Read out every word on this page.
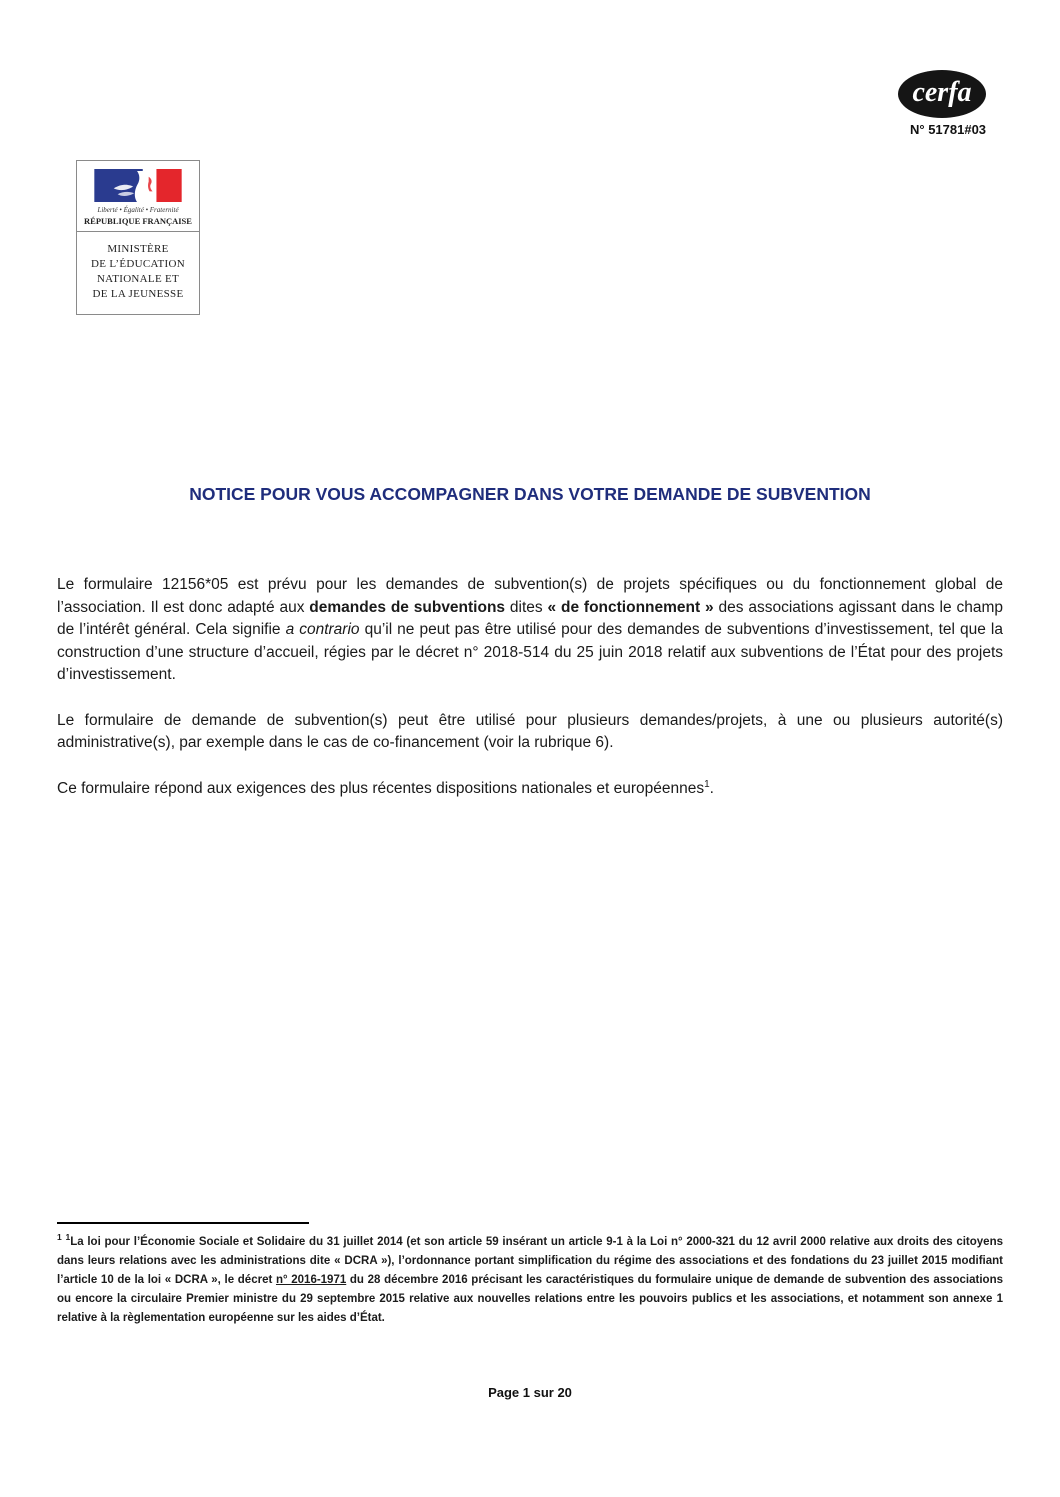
cerfa
N° 51781#03
Liberté • Égalité • Fraternité
RÉPUBLIQUE FRANÇAISE
MINISTÈRE
DE L’ÉDUCATION
NATIONALE ET
DE LA JEUNESSE
NOTICE POUR VOUS ACCOMPAGNER DANS VOTRE DEMANDE DE SUBVENTION

Le formulaire 12156*05 est prévu pour les demandes de subvention(s) de projets spécifiques ou du fonctionnement global de l’association. Il est donc adapté aux demandes de subventions dites « de fonctionnement » des associations agissant dans le champ de l’intérêt général. Cela signifie a contrario qu’il ne peut pas être utilisé pour des demandes de subventions d’investissement, tel que la construction d’une structure d’accueil, régies par le décret n° 2018-514 du 25 juin 2018 relatif aux subventions de l’État pour des projets d’investissement.

Le formulaire de demande de subvention(s) peut être utilisé pour plusieurs demandes/projets, à une ou plusieurs autorité(s) administrative(s), par exemple dans le cas de co-financement (voir la rubrique 6).

Ce formulaire répond aux exigences des plus récentes dispositions nationales et européennes$^1$.

$^1$ $^1$La loi pour l’Économie Sociale et Solidaire du 31 juillet 2014 (et son article 59 insérant un article 9-1 à la Loi n° 2000-321 du 12 avril 2000 relative aux droits des citoyens dans leurs relations avec les administrations dite « DCRA »), l’ordonnance portant simplification du régime des associations et des fondations du 23 juillet 2015 modifiant l’article 10 de la loi « DCRA », le décret n° 2016-1971 du 28 décembre 2016 précisant les caractéristiques du formulaire unique de demande de subvention des associations ou encore la circulaire Premier ministre du 29 septembre 2015 relative aux nouvelles relations entre les pouvoirs publics et les associations, et notamment son annexe 1 relative à la règlementation européenne sur les aides d’État.
Page 1 sur 20
